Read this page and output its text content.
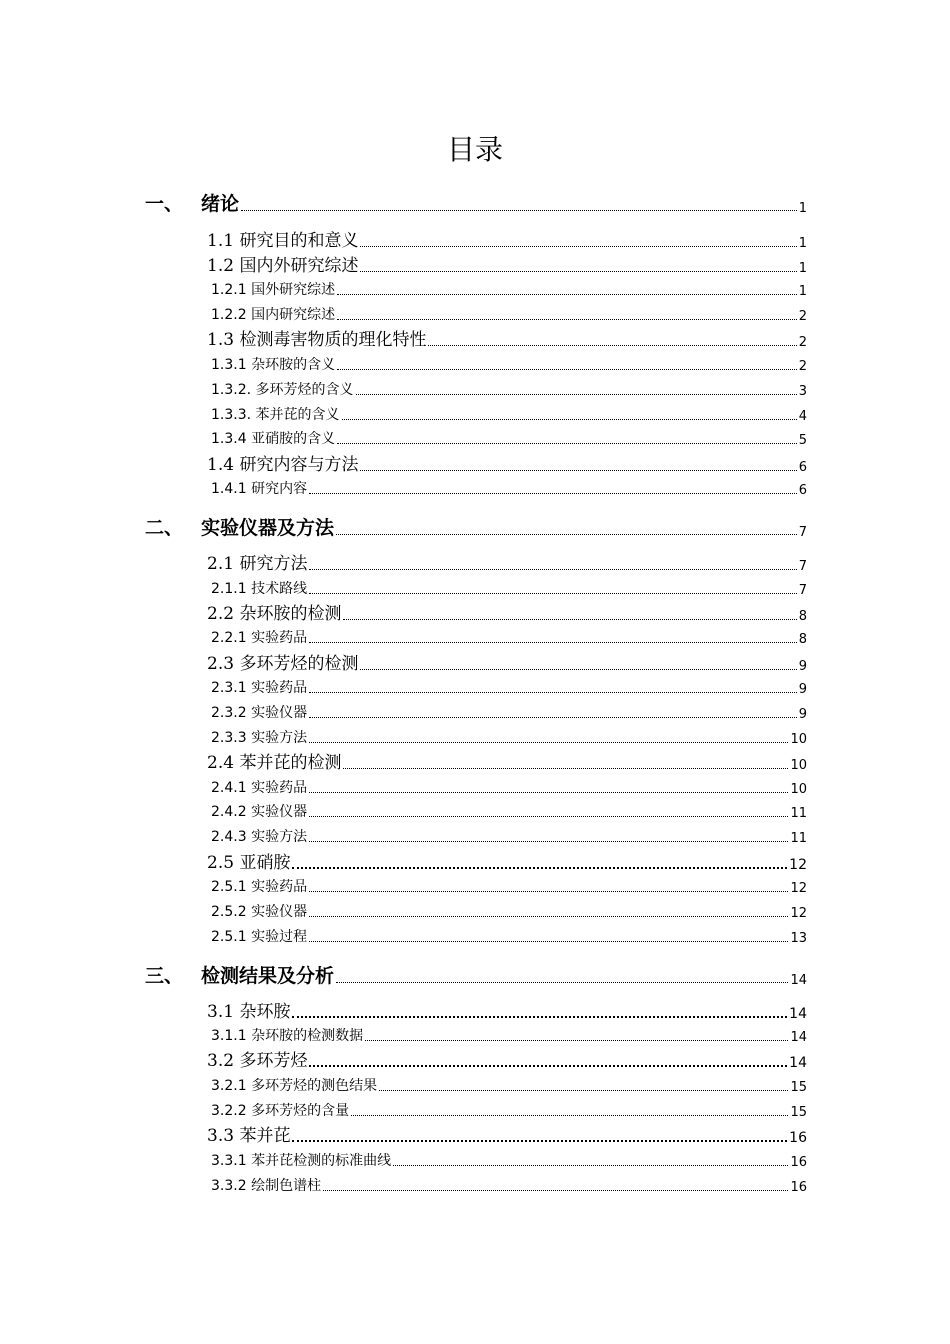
目录
一、 绪论	1
1.1 研究目的和意义	1
1.2 国内外研究综述	1
1.2.1 国外研究综述	1
1.2.2 国内研究综述	2
1.3 检测毒害物质的理化特性	2
1.3.1 杂环胺的含义	2
1.3.2. 多环芳烃的含义	3
1.3.3. 苯并芘的含义	4
1.3.4 亚硝胺的含义	5
1.4 研究内容与方法	6
1.4.1 研究内容	6
二、 实验仪器及方法	7
2.1 研究方法	7
2.1.1 技术路线	7
2.2 杂环胺的检测	8
2.2.1 实验药品	8
2.3 多环芳烃的检测	9
2.3.1 实验药品	9
2.3.2 实验仪器	9
2.3.3 实验方法	10
2.4 苯并芘的检测	10
2.4.1 实验药品	10
2.4.2 实验仪器	11
2.4.3 实验方法	11
2.5 亚硝胺	12
2.5.1 实验药品	12
2.5.2 实验仪器	12
2.5.1 实验过程	13
三、 检测结果及分析	14
3.1 杂环胺	14
3.1.1 杂环胺的检测数据	14
3.2 多环芳烃	14
3.2.1 多环芳烃的测色结果	15
3.2.2 多环芳烃的含量	15
3.3 苯并芘	16
3.3.1 苯并芘检测的标准曲线	16
3.3.2 绘制色谱柱	16
